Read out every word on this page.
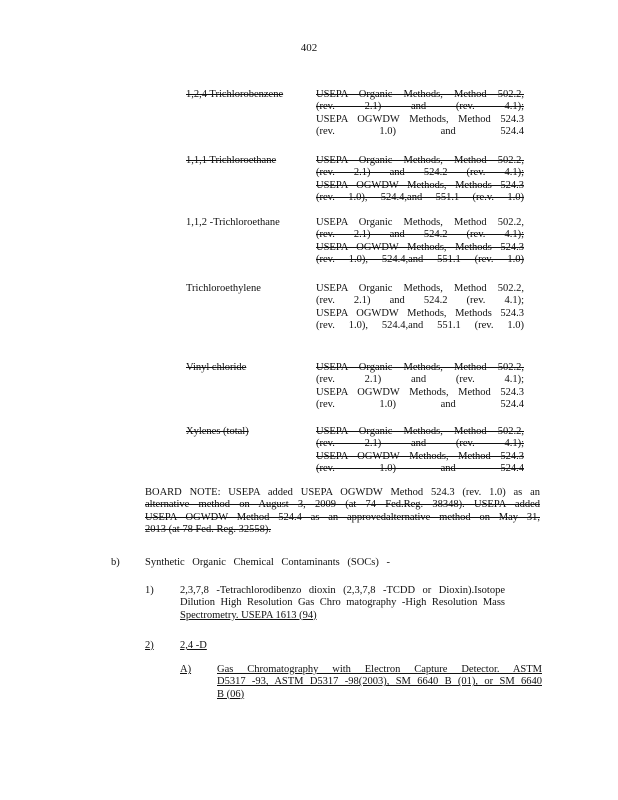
402
1,2,4 Trichlorobenzene	USEPA Organic Methods, Method 502.2,
(rev. 2.1) and (rev. 4.1);
USEPA OGWDW Methods, Method 524.3
(rev. 1.0) and 524.4
1,1,1 Trichloroethane	USEPA Organic Methods, Method 502.2,
(rev. 2.1) and 524.2 (rev. 4.1);
USEPA OGWDW Methods, Methods 524.3
(rev. 1.0), 524.4,and 551.1 (re.v. 1.0)
1,1,2 -Trichloroethane	USEPA Organic Methods, Method 502.2,
(rev. 2.1) and 524.2 (rev. 4.1);
USEPA OGWDW Methods, Methods 524.3
(rev. 1.0), 524.4,and 551.1 (rev. 1.0)
Trichloroethylene	USEPA Organic Methods, Method 502.2,
(rev. 2.1) and 524.2 (rev. 4.1);
USEPA OGWDW Methods, Methods 524.3
(rev. 1.0), 524.4,and 551.1 (rev. 1.0)
Vinyl chloride	USEPA Organic Methods, Method 502.2,
(rev. 2.1) and (rev. 4.1);
USEPA OGWDW Methods, Method 524.3
(rev. 1.0) and 524.4
Xylenes (total)	USEPA Organic Methods, Method 502.2,
(rev. 2.1) and (rev. 4.1);
USEPA OGWDW Methods, Method 524.3
(rev. 1.0) and 524.4
BOARD NOTE: USEPA added USEPA OGWDW Method 524.3 (rev. 1.0) as an
alternative method on August 3, 2009 (at 74 Fed.Reg. 38348). USEPA added
USEPA OGWDW Method 524.4 as an approvedalternative method on May 31,
2013 (at 78 Fed. Reg. 32558).
b)	Synthetic Organic Chemical Contaminants (SOCs) -
1)	2,3,7,8 -Tetrachlorodibenzo dioxin (2,3,7,8 -TCDD or Dioxin).Isotope
Dilution High Resolution Gas Chro matography -High Resolution Mass
Spectrometry. USEPA 1613 (94)
2)	2,4 -D
A)	Gas Chromatography with Electron Capture Detector. ASTM
D5317 -93, ASTM D5317 -98(2003), SM 6640 B (01), or SM 6640
B (06)
